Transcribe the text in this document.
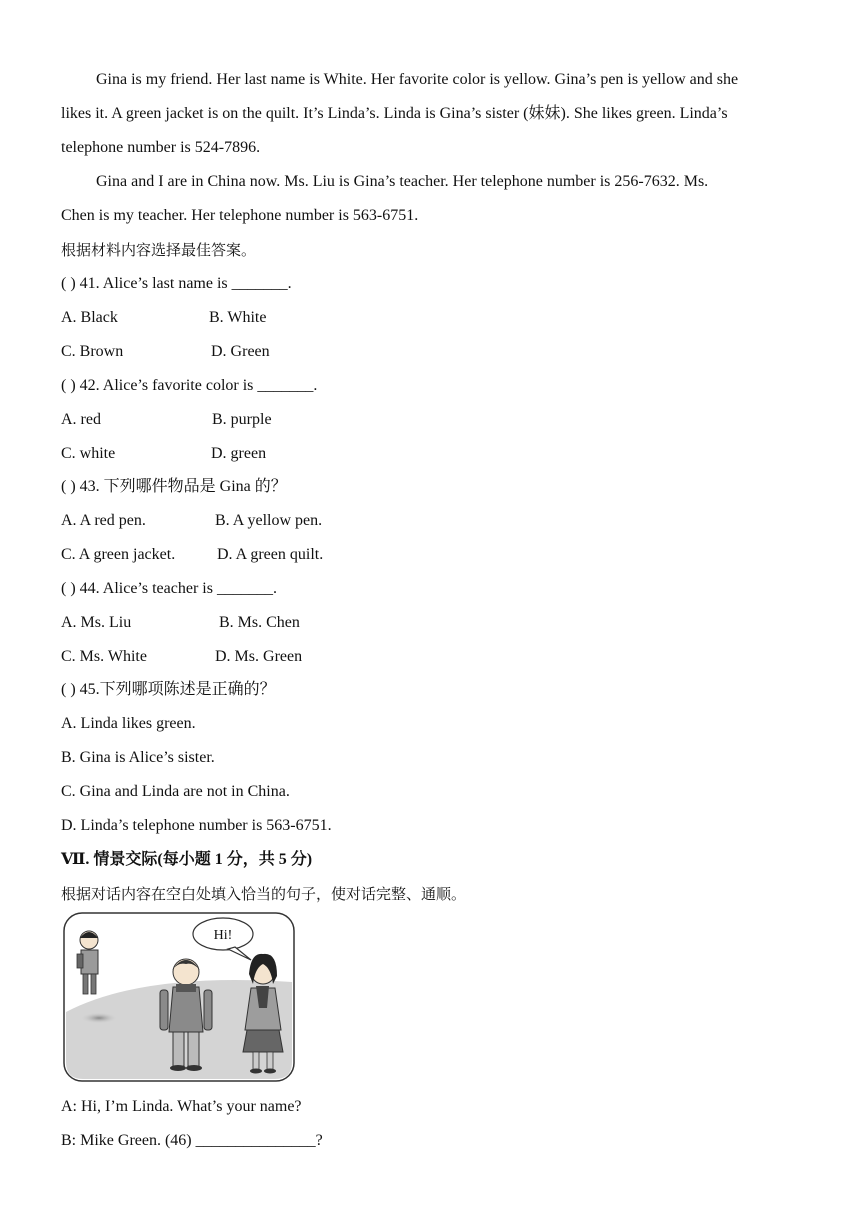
Gina is my friend. Her last name is White. Her favorite color is yellow. Gina’s pen is yellow and she
likes it. A green jacket is on the quilt. It’s Linda’s. Linda is Gina’s sister (妹妹). She likes green. Linda’s
telephone number is 524-7896.
Gina and I are in China now. Ms. Liu is Gina’s teacher. Her telephone number is 256-7632. Ms.
Chen is my teacher. Her telephone number is 563-6751.
根据材料内容选择最佳答案。
( ) 41. Alice’s last name is _______.
A. Black	B. White
C. Brown	D. Green
( ) 42. Alice’s favorite color is _______.
A. red	B. purple
C. white	D. green
( ) 43. 下列哪件物品是 Gina 的？
A. A red pen.	B. A yellow pen.
C. A green jacket.	D. A green quilt.
( ) 44. Alice’s teacher is _______.
A. Ms. Liu	B. Ms. Chen
C. Ms. White	D. Ms. Green
( ) 45.下列哪项陈述是正确的？
A. Linda likes green.
B. Gina is Alice’s sister.
C. Gina and Linda are not in China.
D. Linda’s telephone number is 563-6751.
Ⅶ. 情景交际(每小题 1 分，共 5 分)
根据对话内容在空白处填入恰当的句子，使对话完整、通顺。
Hi!
A: Hi, I’m Linda. What’s your name?
B: Mike Green. (46) _______________?
